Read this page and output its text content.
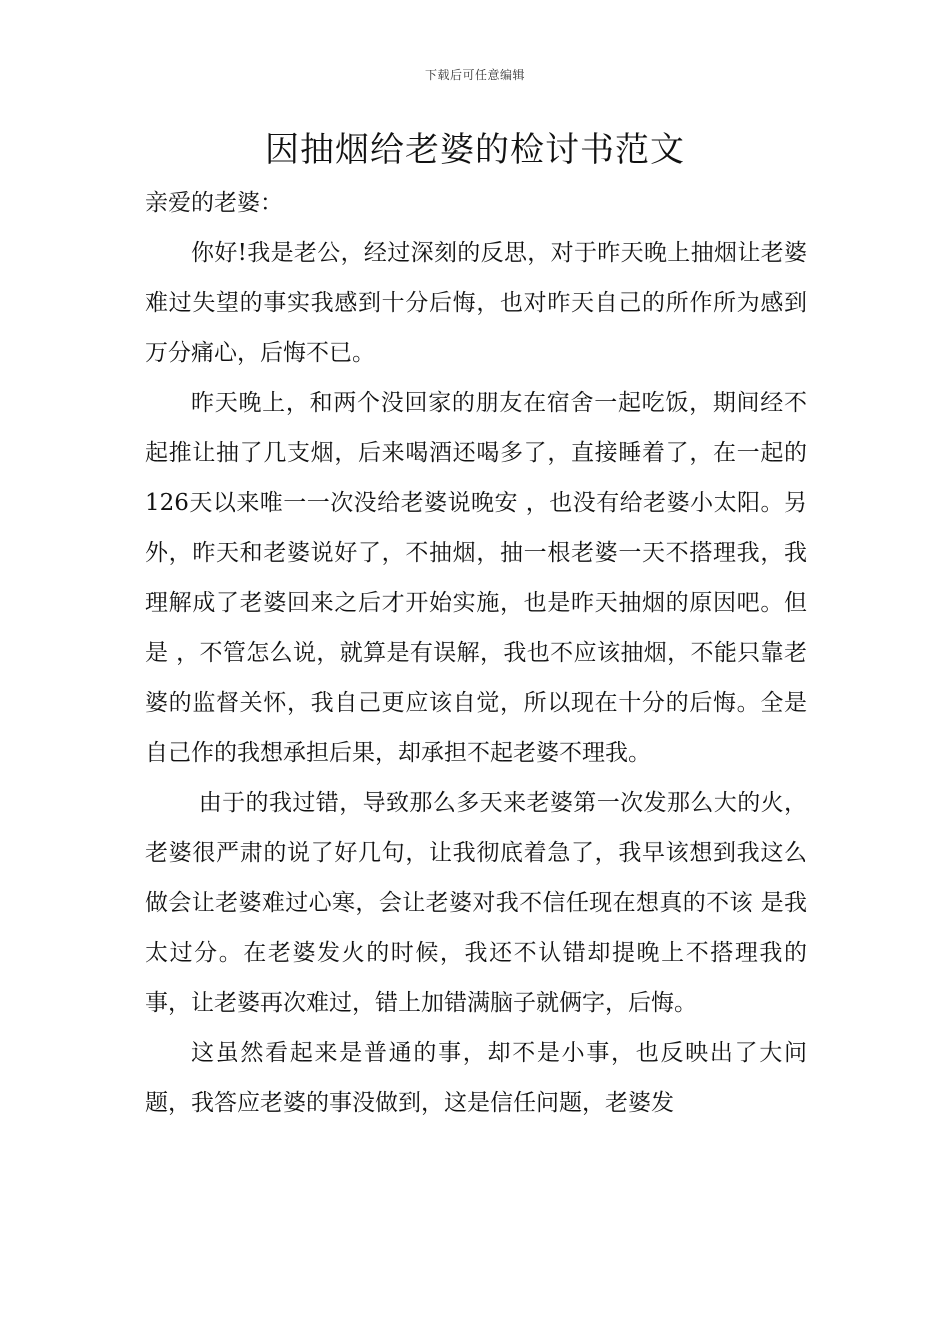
下载后可任意编辑
因抽烟给老婆的检讨书范文

亲爱的老婆：

你好!我是老公，经过深刻的反思，对于昨天晚上抽烟让老婆难过失望的事实我感到十分后悔，也对昨天自己的所作所为感到万分痛心，后悔不已。

昨天晚上，和两个没回家的朋友在宿舍一起吃饭，期间经不起推让抽了几支烟，后来喝酒还喝多了，直接睡着了，在一起的126天以来唯一一次没给老婆说晚安 ，也没有给老婆小太阳。另外，昨天和老婆说好了，不抽烟，抽一根老婆一天不搭理我，我理解成了老婆回来之后才开始实施，也是昨天抽烟的原因吧。但是 ，不管怎么说，就算是有误解，我也不应该抽烟，不能只靠老婆的监督关怀，我自己更应该自觉，所以现在十分的后悔。全是自己作的我想承担后果，却承担不起老婆不理我。

由于的我过错，导致那么多天来老婆第一次发那么大的火，老婆很严肃的说了好几句，让我彻底着急了，我早该想到我这么做会让老婆难过心寒，会让老婆对我不信任现在想真的不该 是我太过分。在老婆发火的时候，我还不认错却提晚上不搭理我的事，让老婆再次难过，错上加错满脑子就俩字，后悔。

这虽然看起来是普通的事，却不是小事，也反映出了大问题，我答应老婆的事没做到，这是信任问题，老婆发
